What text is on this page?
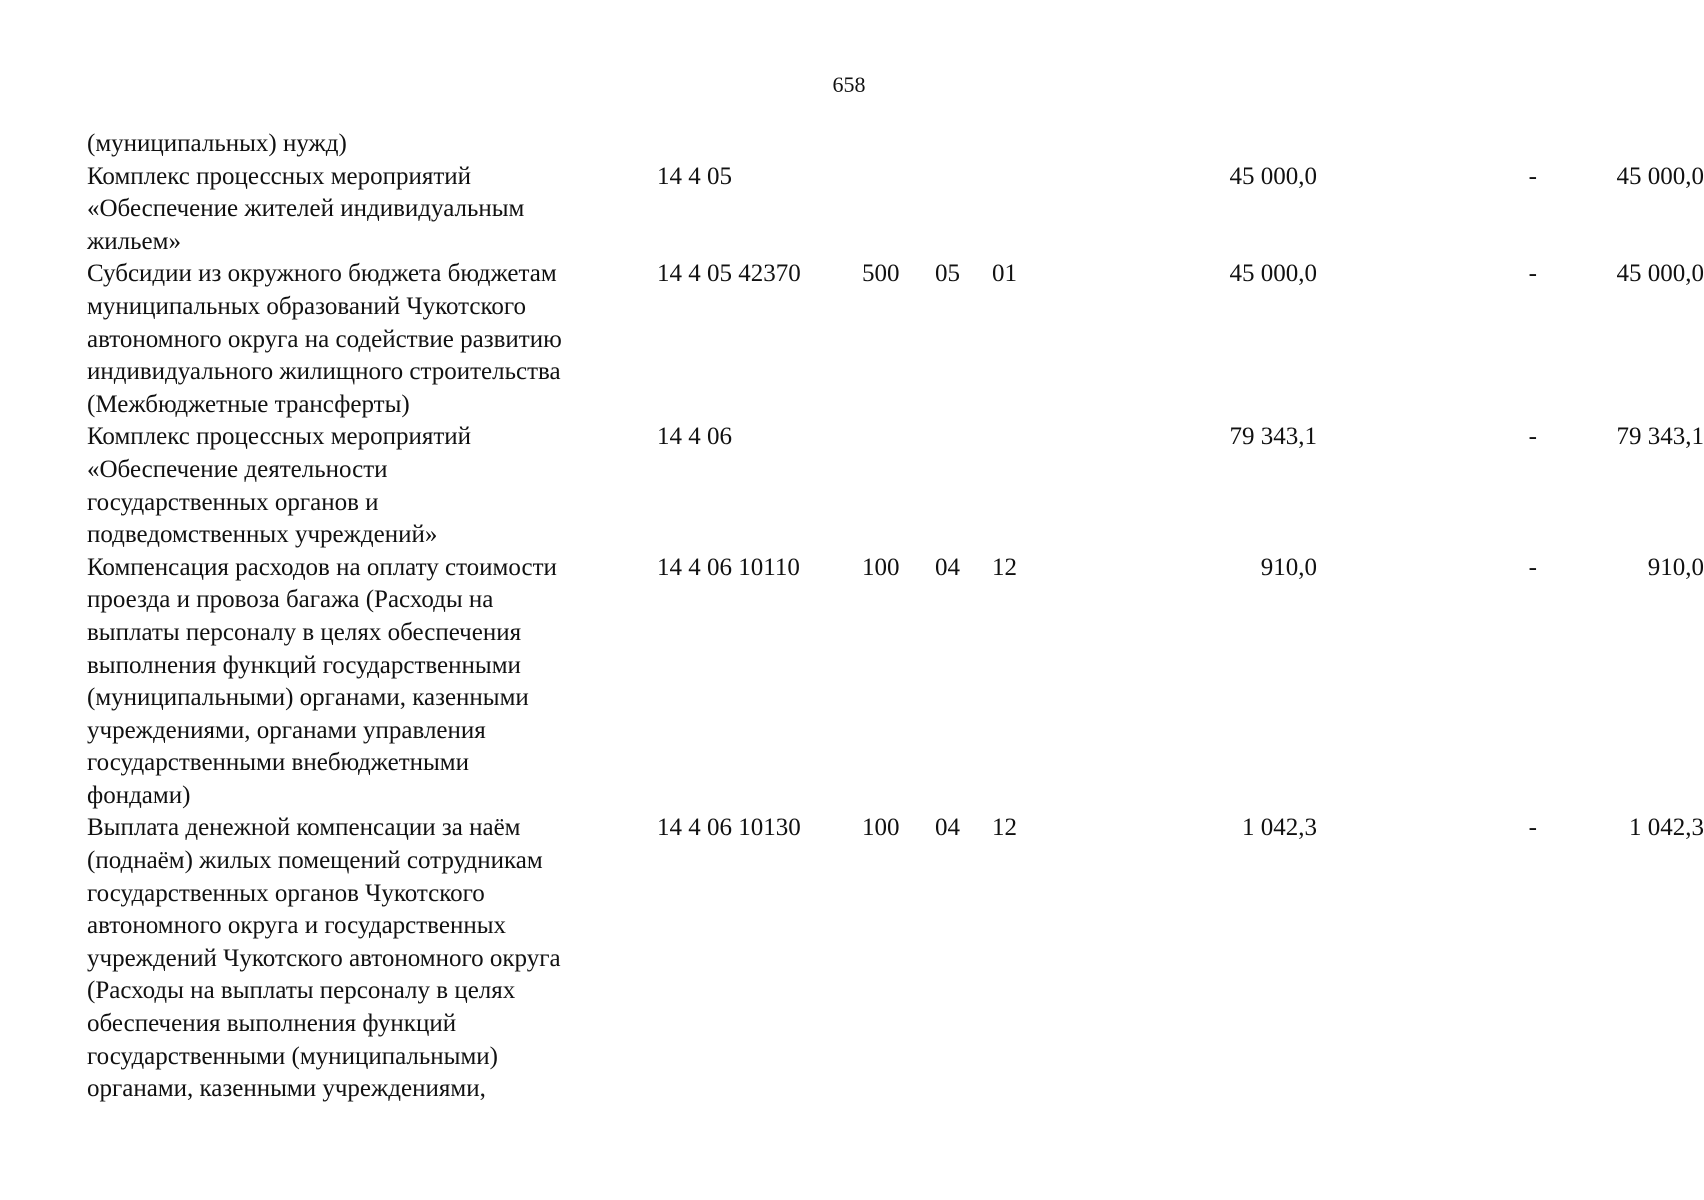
658
(муниципальных) нужд)
Комплекс процессных мероприятий
«Обеспечение жителей индивидуальным
жильем»
14 4 05	45 000,0	-	45 000,0
Субсидии из окружного бюджета бюджетам
муниципальных образований Чукотского
автономного округа на содействие развитию
индивидуального жилищного строительства
(Межбюджетные трансферты)
14 4 05 42370 500 05 01	45 000,0	-	45 000,0
Комплекс процессных мероприятий
«Обеспечение деятельности
государственных органов и
подведомственных учреждений»
14 4 06	79 343,1	-	79 343,1
Компенсация расходов на оплату стоимости
проезда и провоза багажа (Расходы на
выплаты персоналу в целях обеспечения
выполнения функций государственными
(муниципальными) органами, казенными
учреждениями, органами управления
государственными внебюджетными
фондами)
14 4 06 10110 100 04 12	910,0	-	910,0
Выплата денежной компенсации за наём
(поднаём) жилых помещений сотрудникам
государственных органов Чукотского
автономного округа и государственных
учреждений Чукотского автономного округа
(Расходы на выплаты персоналу в целях
обеспечения выполнения функций
государственными (муниципальными)
органами, казенными учреждениями,
14 4 06 10130 100 04 12	1 042,3	-	1 042,3
